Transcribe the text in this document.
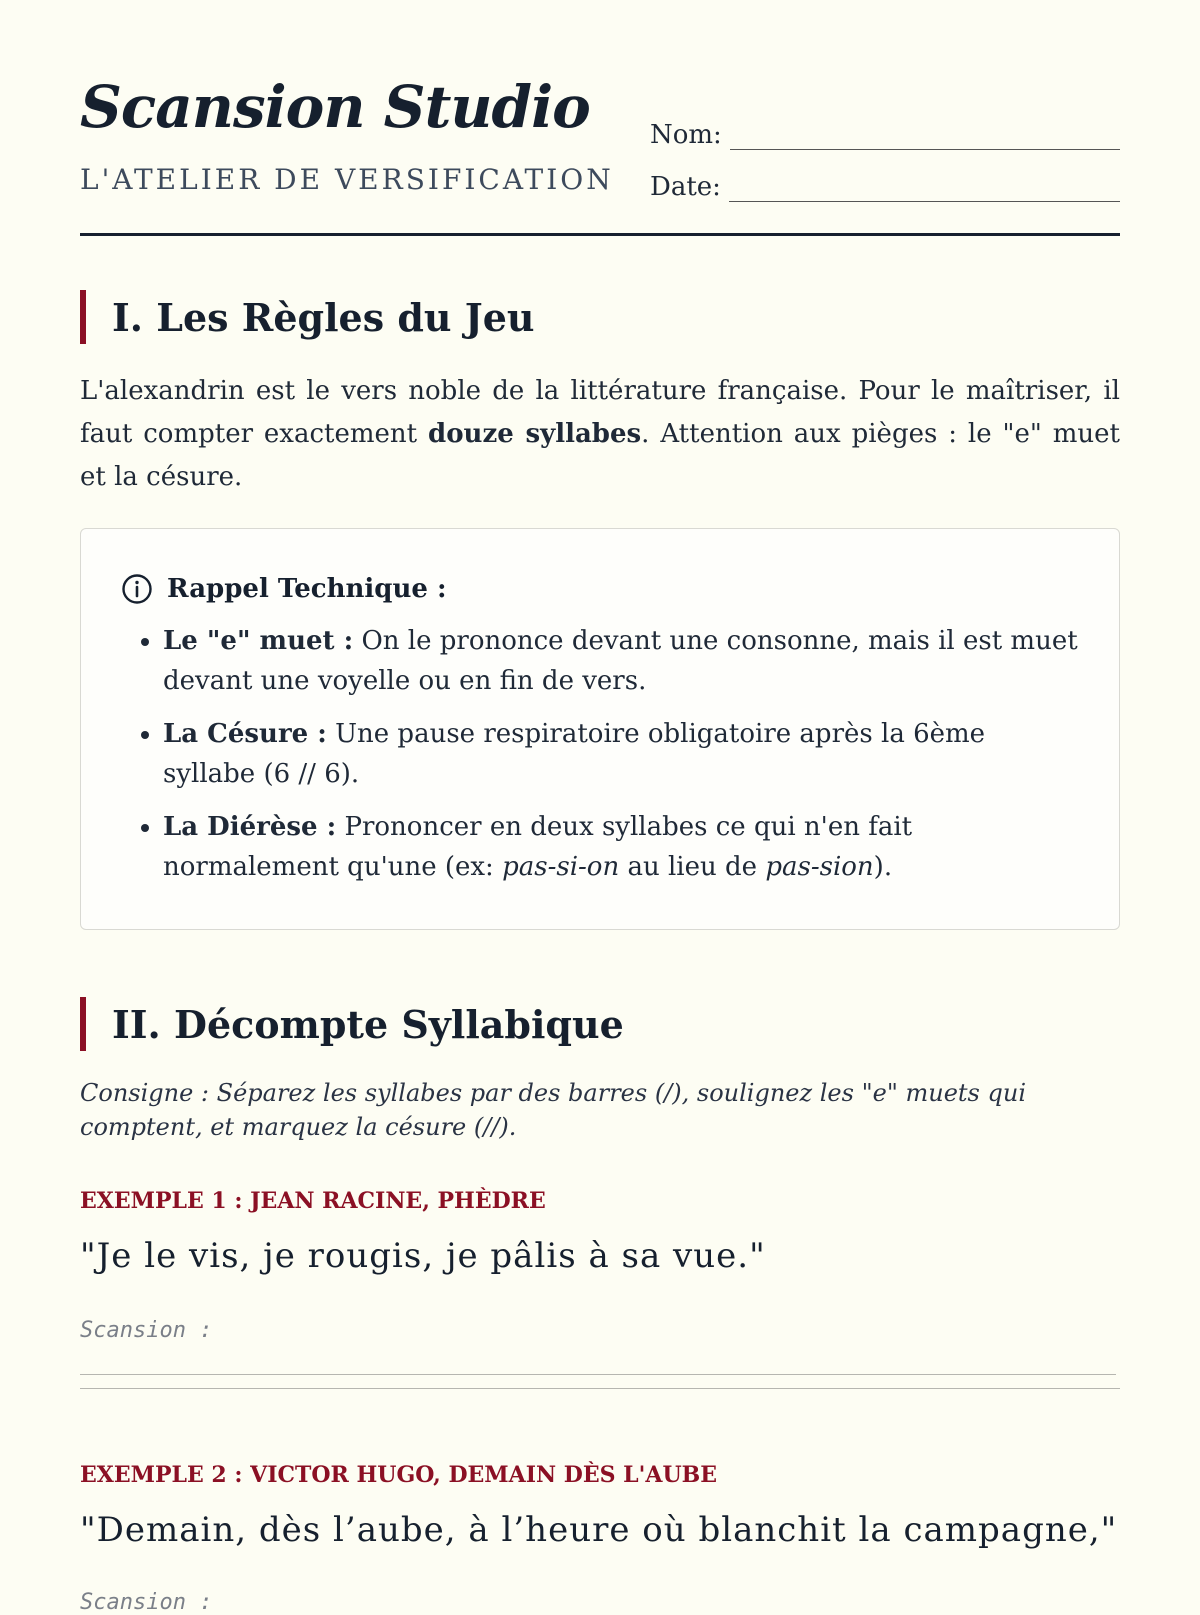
Scansion Studio
L'ATELIER DE VERSIFICATION
Nom:
Date:
I. Les Règles du Jeu

L'alexandrin est le vers noble de la littérature française. Pour le maîtriser, il faut compter exactement douze syllabes. Attention aux pièges : le "e" muet et la césure.

Rappel Technique :
• Le "e" muet : On le prononce devant une consonne, mais il est muet devant une voyelle ou en fin de vers.
• La Césure : Une pause respiratoire obligatoire après la 6ème syllabe (6 // 6).
• La Diérèse : Prononcer en deux syllabes ce qui n'en fait normalement qu'une (ex: pas-si-on au lieu de pas-sion).
II. Décompte Syllabique

Consigne : Séparez les syllabes par des barres (/), soulignez les "e" muets qui comptent, et marquez la césure (//).

EXEMPLE 1 : JEAN RACINE, PHÈDRE
"Je le vis, je rougis, je pâlis à sa vue."
Scansion :
EXEMPLE 2 : VICTOR HUGO, DEMAIN DÈS L'AUBE
"Demain, dès l’aube, à l’heure où blanchit la campagne,"
Scansion :
